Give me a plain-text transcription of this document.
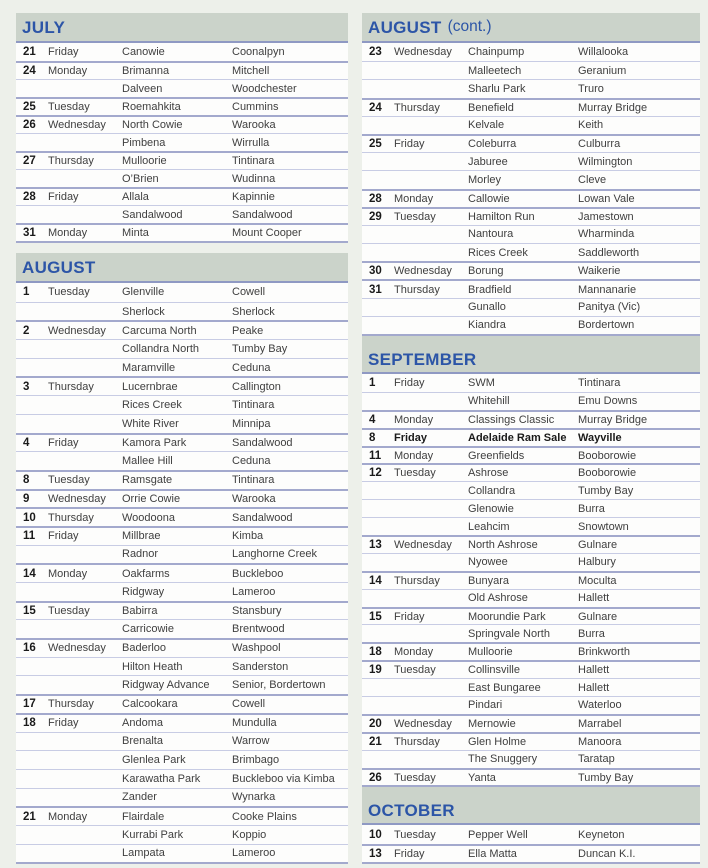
JULY
21	Friday	Canowie	Coonalpyn
24	Monday	Brimanna	Mitchell
Dalveen	Woodchester
25	Tuesday	Roemahkita	Cummins
26	Wednesday	North Cowie	Warooka
Pimbena	Wirrulla
27	Thursday	Mulloorie	Tintinara
O’Brien	Wudinna
28	Friday	Allala	Kapinnie
Sandalwood	Sandalwood
31	Monday	Minta	Mount Cooper
AUGUST
1	Tuesday	Glenville	Cowell
Sherlock	Sherlock
2	Wednesday	Carcuma North	Peake
Collandra North	Tumby Bay
Maramville	Ceduna
3	Thursday	Lucernbrae	Callington
Rices Creek	Tintinara
White River	Minnipa
4	Friday	Kamora Park	Sandalwood
Mallee Hill	Ceduna
8	Tuesday	Ramsgate	Tintinara
9	Wednesday	Orrie Cowie	Warooka
10	Thursday	Woodoona	Sandalwood
11	Friday	Millbrae	Kimba
Radnor	Langhorne Creek
14	Monday	Oakfarms	Buckleboo
Ridgway	Lameroo
15	Tuesday	Babirra	Stansbury
Carricowie	Brentwood
16	Wednesday	Baderloo	Washpool
Hilton Heath	Sanderston
Ridgway Advance	Senior, Bordertown
17	Thursday	Calcookara	Cowell
18	Friday	Andoma	Mundulla
Brenalta	Warrow
Glenlea Park	Brimbago
Karawatha Park	Buckleboo via Kimba
Zander	Wynarka
21	Monday	Flairdale	Cooke Plains
Kurrabi Park	Koppio
Lampata	Lameroo
AUGUST (cont.)
23	Wednesday	Chainpump	Willalooka
Malleetech	Geranium
Sharlu Park	Truro
24	Thursday	Benefield	Murray Bridge
Kelvale	Keith
25	Friday	Coleburra	Culburra
Jaburee	Wilmington
Morley	Cleve
28	Monday	Callowie	Lowan Vale
29	Tuesday	Hamilton Run	Jamestown
Nantoura	Wharminda
Rices Creek	Saddleworth
30	Wednesday	Borung	Waikerie
31	Thursday	Bradfield	Mannanarie
Gunallo	Panitya (Vic)
Kiandra	Bordertown
SEPTEMBER
1	Friday	SWM	Tintinara
Whitehill	Emu Downs
4	Monday	Classings Classic	Murray Bridge
8	Friday	Adelaide Ram Sale	Wayville
11	Monday	Greenfields	Booborowie
12	Tuesday	Ashrose	Booborowie
Collandra	Tumby Bay
Glenowie	Burra
Leahcim	Snowtown
13	Wednesday	North Ashrose	Gulnare
Nyowee	Halbury
14	Thursday	Bunyara	Moculta
Old Ashrose	Hallett
15	Friday	Moorundie Park	Gulnare
Springvale North	Burra
18	Monday	Mulloorie	Brinkworth
19	Tuesday	Collinsville	Hallett
East Bungaree	Hallett
Pindari	Waterloo
20	Wednesday	Mernowie	Marrabel
21	Thursday	Glen Holme	Manoora
The Snuggery	Taratap
26	Tuesday	Yanta	Tumby Bay
OCTOBER
10	Tuesday	Pepper Well	Keyneton
13	Friday	Ella Matta	Duncan K.I.
